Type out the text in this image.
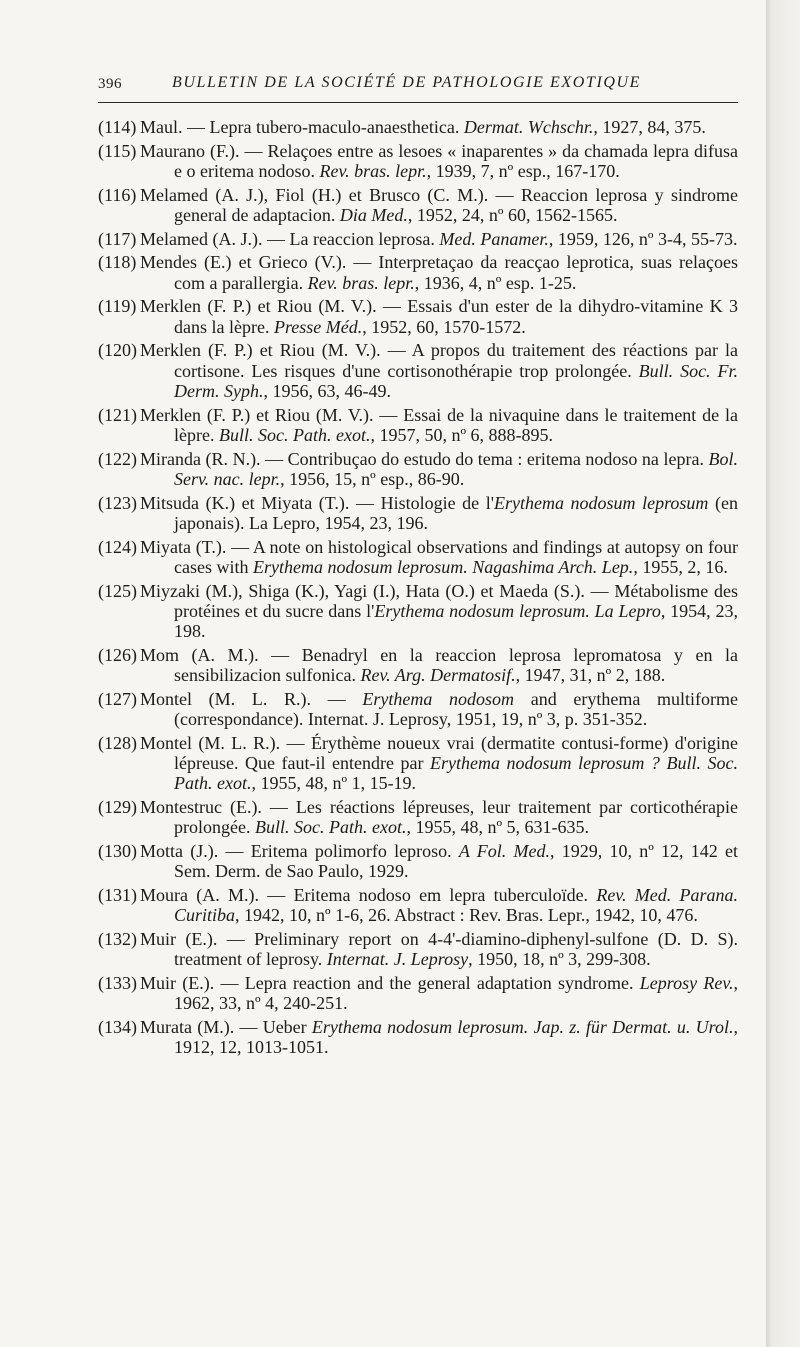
396	BULLETIN DE LA SOCIÉTÉ DE PATHOLOGIE EXOTIQUE
(114) Maul. — Lepra tubero-maculo-anaesthetica. Dermat. Wchschr., 1927, 84, 375.
(115) Maurano (F.). — Relaçoes entre as lesoes « inaparentes » da chamada lepra difusa e o eritema nodoso. Rev. bras. lepr., 1939, 7, nº esp., 167-170.
(116) Melamed (A. J.), Fiol (H.) et Brusco (C. M.). — Reaccion leprosa y sindrome general de adaptacion. Dia Med., 1952, 24, nº 60, 1562-1565.
(117) Melamed (A. J.). — La reaccion leprosa. Med. Panamer., 1959, 126, nº 3-4, 55-73.
(118) Mendes (E.) et Grieco (V.). — Interpretaçao da reacçao leprotica, suas relaçoes com a parallergia. Rev. bras. lepr., 1936, 4, nº esp. 1-25.
(119) Merklen (F. P.) et Riou (M. V.). — Essais d'un ester de la dihydro-vitamine K 3 dans la lèpre. Presse Méd., 1952, 60, 1570-1572.
(120) Merklen (F. P.) et Riou (M. V.). — A propos du traitement des réactions par la cortisone. Les risques d'une cortisonothérapie trop prolongée. Bull. Soc. Fr. Derm. Syph., 1956, 63, 46-49.
(121) Merklen (F. P.) et Riou (M. V.). — Essai de la nivaquine dans le traitement de la lèpre. Bull. Soc. Path. exot., 1957, 50, nº 6, 888-895.
(122) Miranda (R. N.). — Contribuçao do estudo do tema : eritema nodoso na lepra. Bol. Serv. nac. lepr., 1956, 15, nº esp., 86-90.
(123) Mitsuda (K.) et Miyata (T.). — Histologie de l'Erythema nodosum leprosum (en japonais). La Lepro, 1954, 23, 196.
(124) Miyata (T.). — A note on histological observations and findings at autopsy on four cases with Erythema nodosum leprosum. Nagashima Arch. Lep., 1955, 2, 16.
(125) Miyzaki (M.), Shiga (K.), Yagi (I.), Hata (O.) et Maeda (S.). — Métabolisme des protéines et du sucre dans l'Erythema nodosum leprosum. La Lepro, 1954, 23, 198.
(126) Mom (A. M.). — Benadryl en la reaccion leprosa lepromatosa y en la sensibilizacion sulfonica. Rev. Arg. Dermatosif., 1947, 31, nº 2, 188.
(127) Montel (M. L. R.). — Erythema nodosom and erythema multiforme (correspondance). Internat. J. Leprosy, 1951, 19, nº 3, p. 351-352.
(128) Montel (M. L. R.). — Érythème noueux vrai (dermatite contusi-forme) d'origine lépreuse. Que faut-il entendre par Erythema nodosum leprosum ? Bull. Soc. Path. exot., 1955, 48, nº 1, 15-19.
(129) Montestruc (E.). — Les réactions lépreuses, leur traitement par corticothérapie prolongée. Bull. Soc. Path. exot., 1955, 48, nº 5, 631-635.
(130) Motta (J.). — Eritema polimorfo leproso. A Fol. Med., 1929, 10, nº 12, 142 et Sem. Derm. de Sao Paulo, 1929.
(131) Moura (A. M.). — Eritema nodoso em lepra tuberculoïde. Rev. Med. Parana. Curitiba, 1942, 10, nº 1-6, 26. Abstract : Rev. Bras. Lepr., 1942, 10, 476.
(132) Muir (E.). — Preliminary report on 4-4'-diamino-diphenyl-sulfone (D. D. S). treatment of leprosy. Internat. J. Leprosy, 1950, 18, nº 3, 299-308.
(133) Muir (E.). — Lepra reaction and the general adaptation syndrome. Leprosy Rev., 1962, 33, nº 4, 240-251.
(134) Murata (M.). — Ueber Erythema nodosum leprosum. Jap. z. für Dermat. u. Urol., 1912, 12, 1013-1051.
